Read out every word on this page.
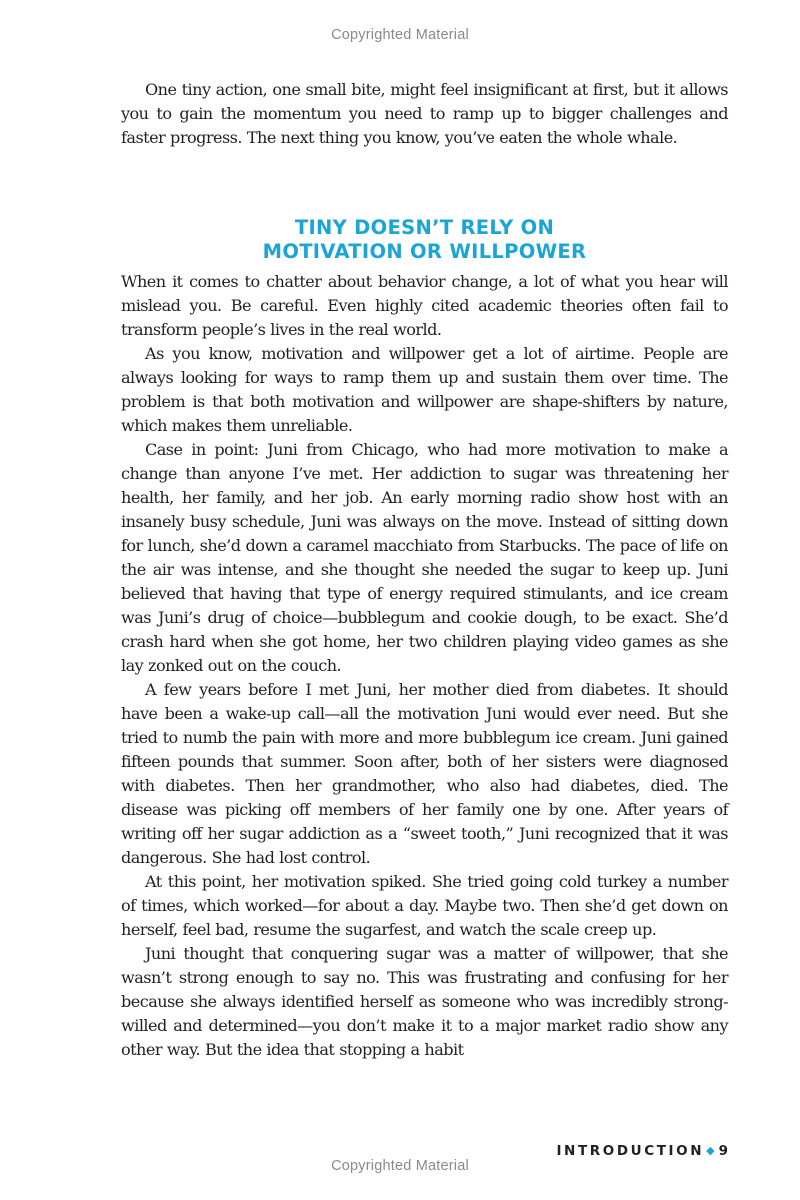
Copyrighted Material

One tiny action, one small bite, might feel insignificant at first, but it allows you to gain the momentum you need to ramp up to bigger challenges and faster progress. The next thing you know, you’ve eaten the whole whale.

TINY DOESN’T RELY ON
MOTIVATION OR WILLPOWER

When it comes to chatter about behavior change, a lot of what you hear will mislead you. Be careful. Even highly cited academic theories often fail to transform people’s lives in the real world.

As you know, motivation and willpower get a lot of airtime. People are always looking for ways to ramp them up and sustain them over time. The problem is that both motivation and willpower are shape-shifters by nature, which makes them unreliable.

Case in point: Juni from Chicago, who had more motivation to make a change than anyone I’ve met. Her addiction to sugar was threatening her health, her family, and her job. An early morning radio show host with an insanely busy schedule, Juni was always on the move. Instead of sitting down for lunch, she’d down a caramel macchiato from Starbucks. The pace of life on the air was intense, and she thought she needed the sugar to keep up. Juni believed that having that type of energy required stimulants, and ice cream was Juni’s drug of choice—bubblegum and cookie dough, to be exact. She’d crash hard when she got home, her two children playing video games as she lay zonked out on the couch.

A few years before I met Juni, her mother died from diabetes. It should have been a wake-up call—all the motivation Juni would ever need. But she tried to numb the pain with more and more bubblegum ice cream. Juni gained fifteen pounds that summer. Soon after, both of her sisters were diagnosed with diabetes. Then her grandmother, who also had diabetes, died. The disease was picking off members of her family one by one. After years of writing off her sugar addiction as a “sweet tooth,” Juni recognized that it was dangerous. She had lost control.

At this point, her motivation spiked. She tried going cold turkey a number of times, which worked—for about a day. Maybe two. Then she’d get down on herself, feel bad, resume the sugarfest, and watch the scale creep up.

Juni thought that conquering sugar was a matter of willpower, that she wasn’t strong enough to say no. This was frustrating and confusing for her because she always identified herself as someone who was incredibly strong-willed and determined—you don’t make it to a major market radio show any other way. But the idea that stopping a habit

INTRODUCTION ◆ 9
Copyrighted Material
